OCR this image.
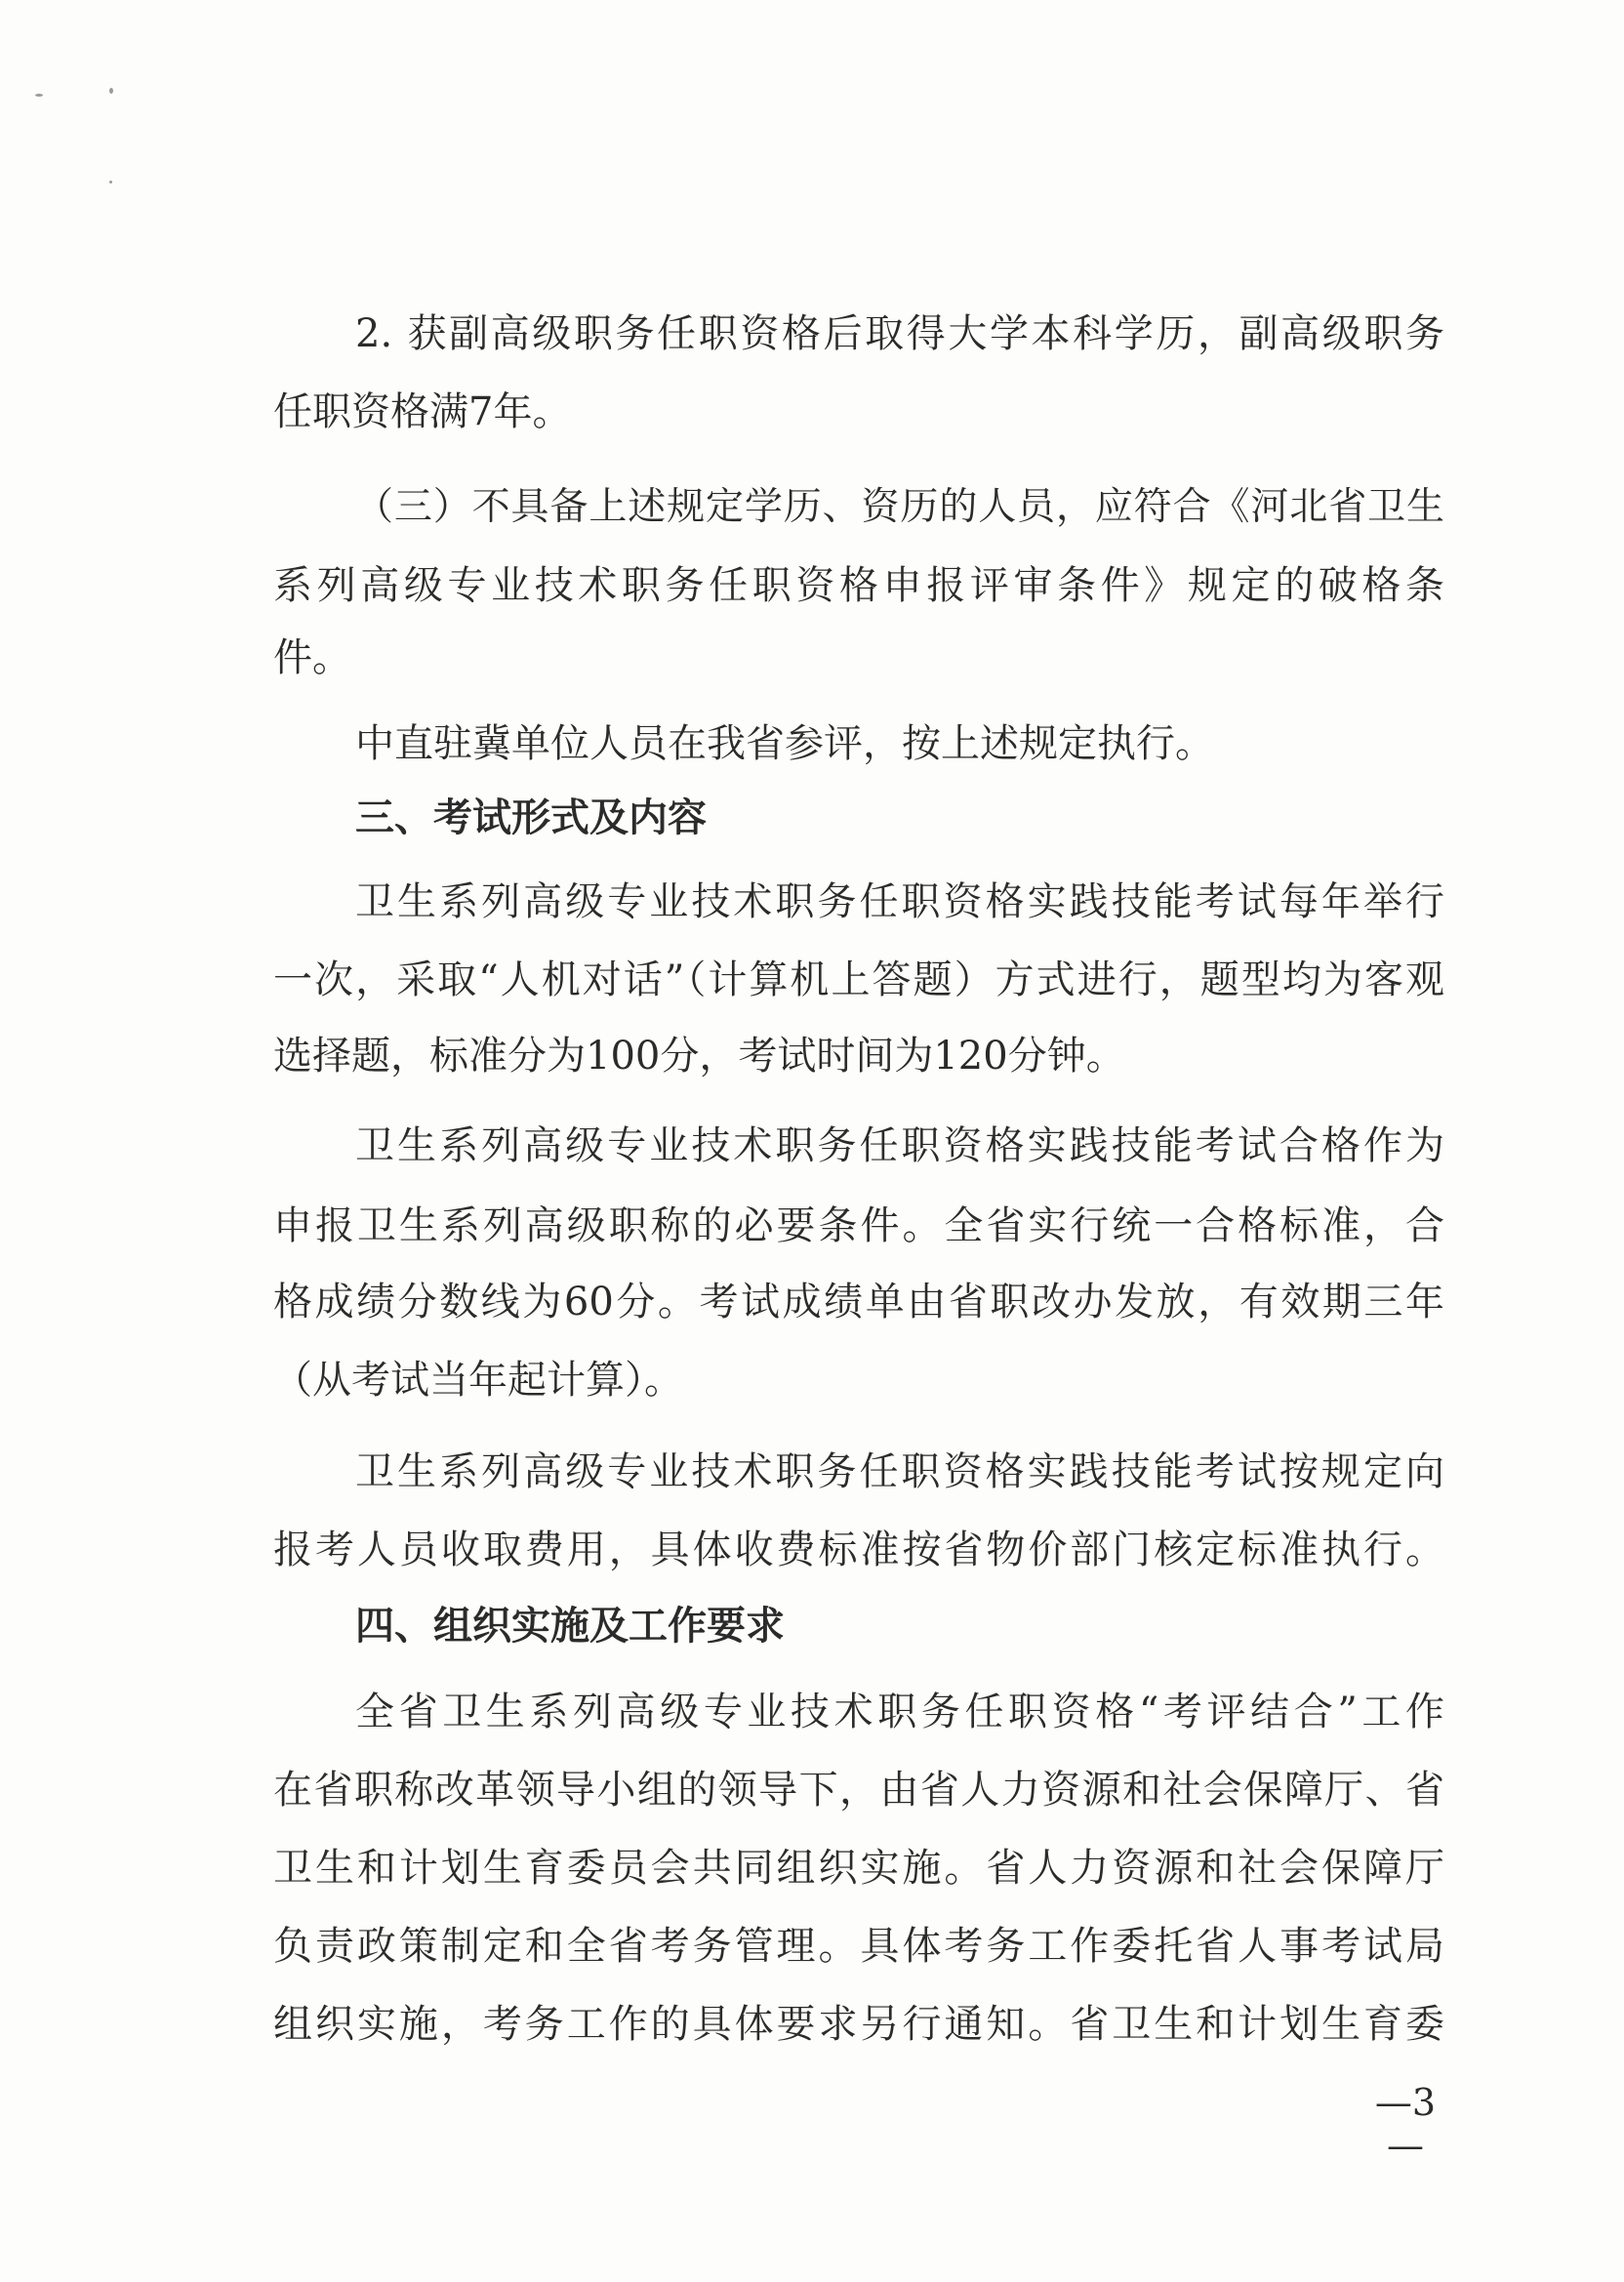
2. 获副高级职务任职资格后取得大学本科学历，副高级职务
任职资格满7年。
（三）不具备上述规定学历、资历的人员，应符合《河北省卫生
系列高级专业技术职务任职资格申报评审条件》规定的破格条
件。
中直驻冀单位人员在我省参评，按上述规定执行。
三、考试形式及内容
卫生系列高级专业技术职务任职资格实践技能考试每年举行
一次，采取“人机对话”（计算机上答题）方式进行，题型均为客观
选择题，标准分为100分，考试时间为120分钟。
卫生系列高级专业技术职务任职资格实践技能考试合格作为
申报卫生系列高级职称的必要条件。全省实行统一合格标准，合
格成绩分数线为60分。考试成绩单由省职改办发放，有效期三年
（从考试当年起计算）。
卫生系列高级专业技术职务任职资格实践技能考试按规定向
报考人员收取费用，具体收费标准按省物价部门核定标准执行。
四、组织实施及工作要求
全省卫生系列高级专业技术职务任职资格“考评结合”工作
在省职称改革领导小组的领导下，由省人力资源和社会保障厅、省
卫生和计划生育委员会共同组织实施。省人力资源和社会保障厅
负责政策制定和全省考务管理。具体考务工作委托省人事考试局
组织实施，考务工作的具体要求另行通知。省卫生和计划生育委
—3—
